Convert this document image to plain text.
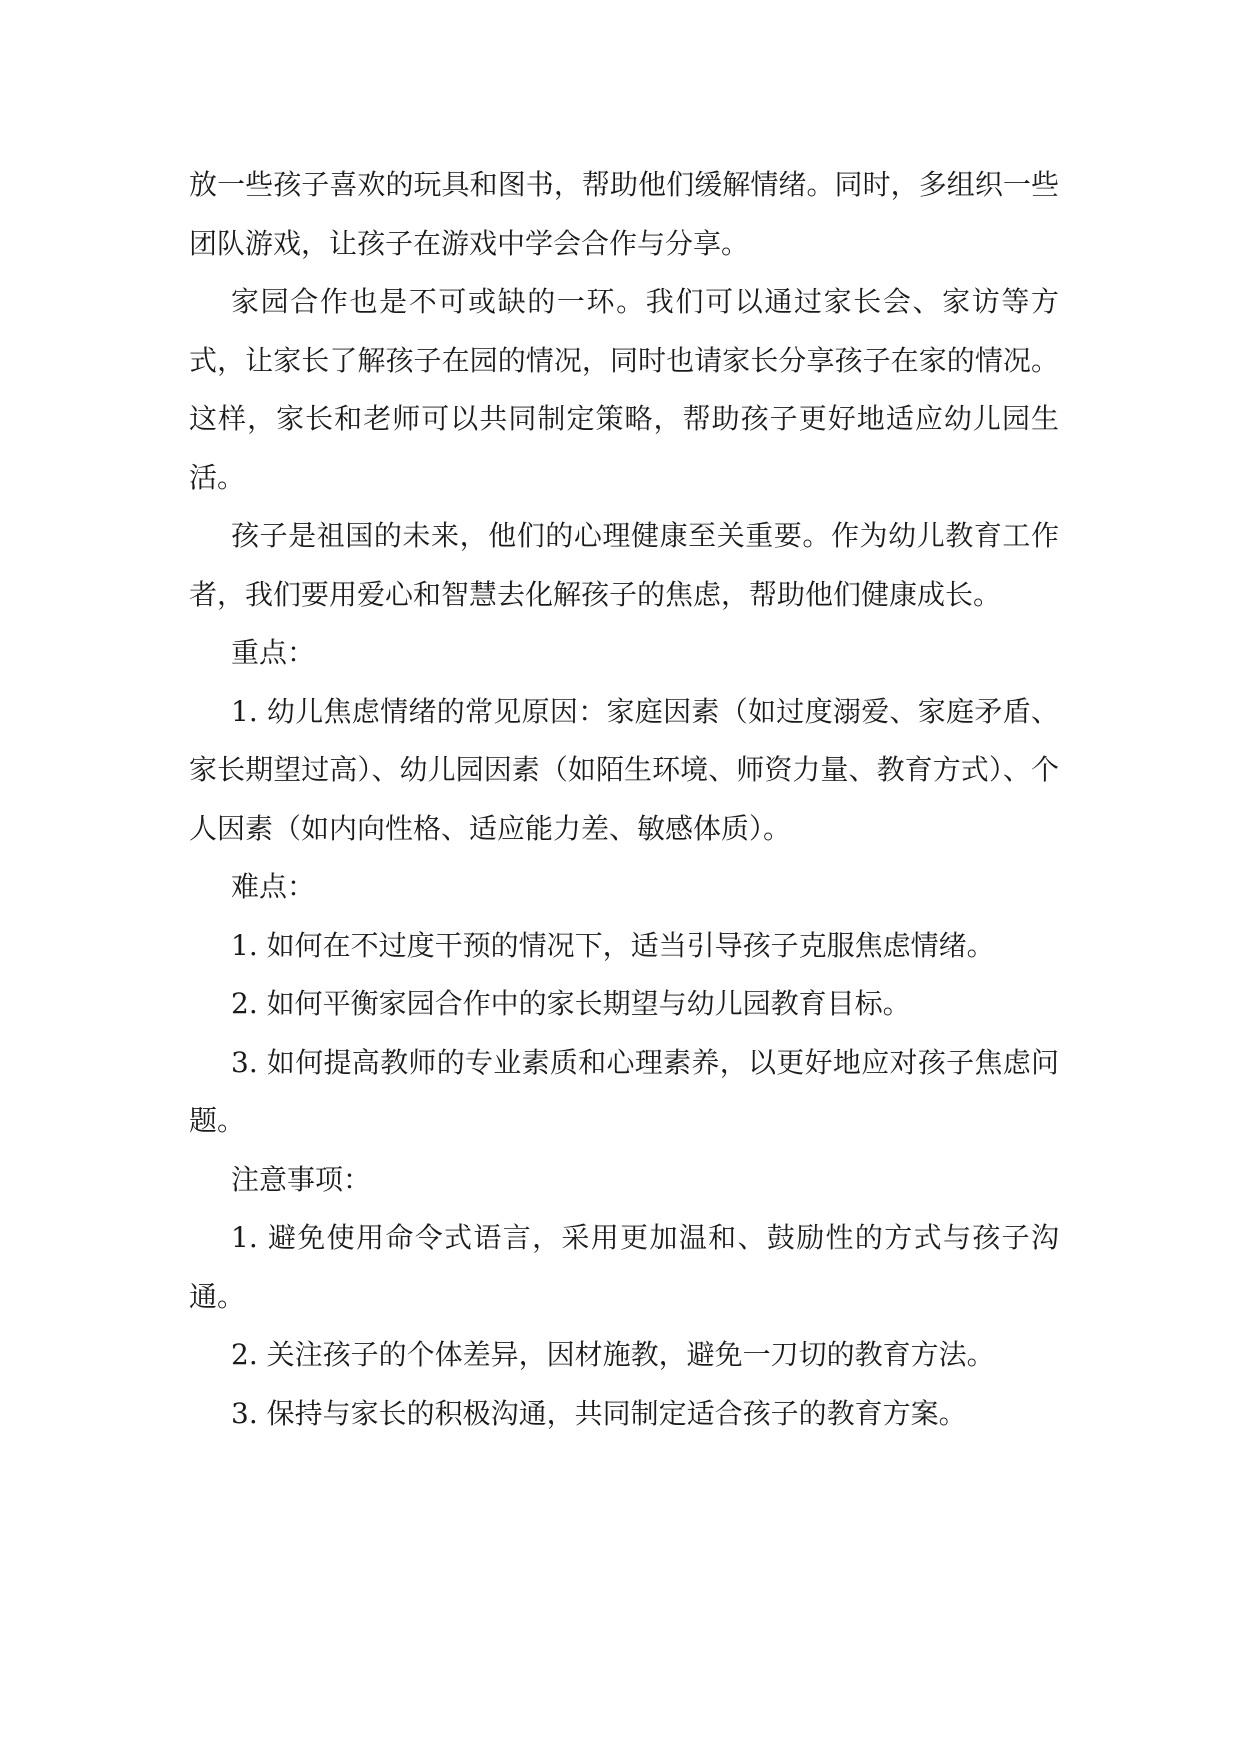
放一些孩子喜欢的玩具和图书，帮助他们缓解情绪。同时，多组织一些团队游戏，让孩子在游戏中学会合作与分享。

家园合作也是不可或缺的一环。我们可以通过家长会、家访等方式，让家长了解孩子在园的情况，同时也请家长分享孩子在家的情况。这样，家长和老师可以共同制定策略，帮助孩子更好地适应幼儿园生活。

孩子是祖国的未来，他们的心理健康至关重要。作为幼儿教育工作者，我们要用爱心和智慧去化解孩子的焦虑，帮助他们健康成长。

重点：

1. 幼儿焦虑情绪的常见原因：家庭因素（如过度溺爱、家庭矛盾、家长期望过高）、幼儿园因素（如陌生环境、师资力量、教育方式）、个人因素（如内向性格、适应能力差、敏感体质）。

难点：

1. 如何在不过度干预的情况下，适当引导孩子克服焦虑情绪。

2. 如何平衡家园合作中的家长期望与幼儿园教育目标。

3. 如何提高教师的专业素质和心理素养，以更好地应对孩子焦虑问题。

注意事项：

1. 避免使用命令式语言，采用更加温和、鼓励性的方式与孩子沟通。

2. 关注孩子的个体差异，因材施教，避免一刀切的教育方法。

3. 保持与家长的积极沟通，共同制定适合孩子的教育方案。
